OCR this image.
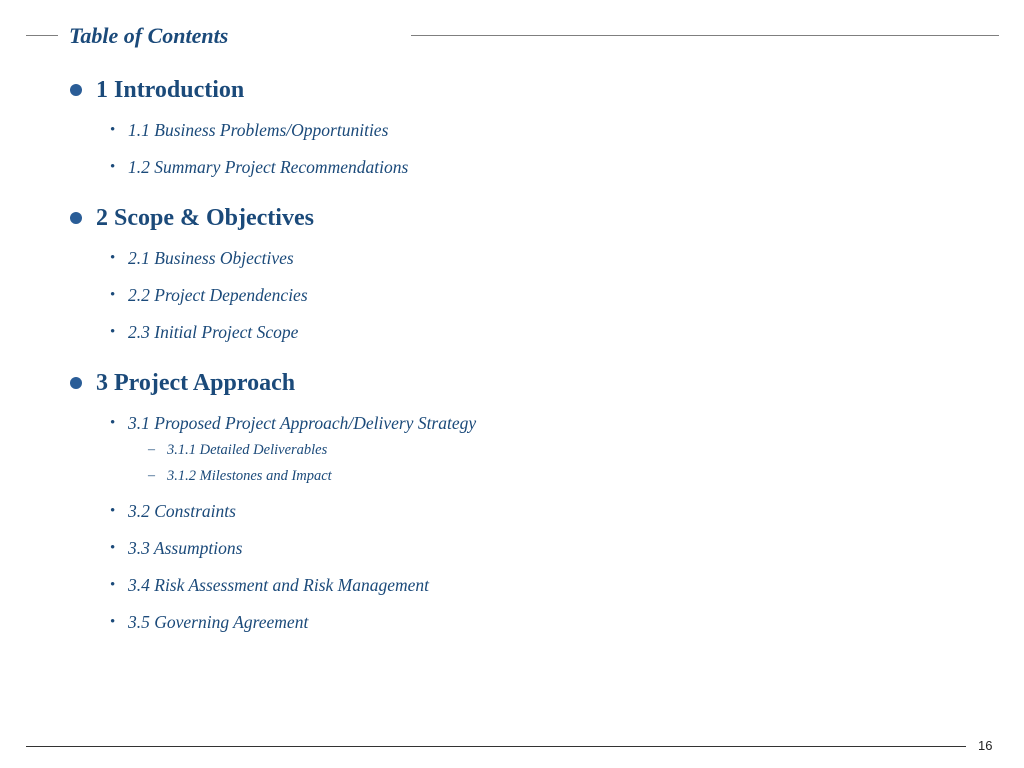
Table of Contents
1 Introduction
• 1.1 Business Problems/Opportunities
• 1.2 Summary Project Recommendations
2 Scope & Objectives
• 2.1 Business Objectives
• 2.2 Project Dependencies
• 2.3 Initial Project Scope
3 Project Approach
• 3.1 Proposed Project Approach/Delivery Strategy
– 3.1.1 Detailed Deliverables
– 3.1.2 Milestones and Impact
• 3.2 Constraints
• 3.3 Assumptions
• 3.4 Risk Assessment and Risk Management
• 3.5 Governing Agreement
16
